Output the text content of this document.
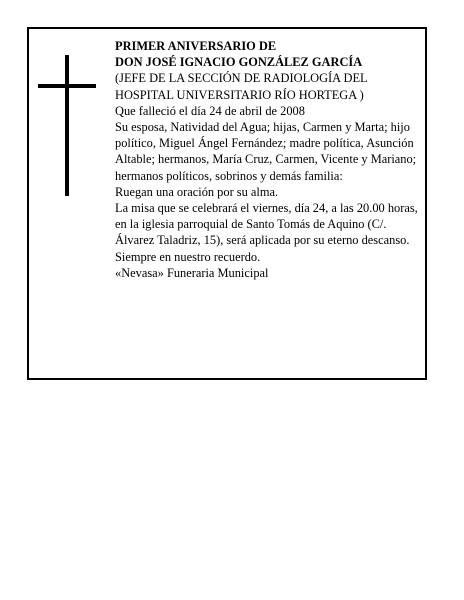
PRIMER ANIVERSARIO DE

DON JOSÉ IGNACIO GONZÁLEZ GARCÍA

(JEFE DE LA SECCIÓN DE RADIOLOGÍA DEL HOSPITAL UNIVERSITARIO RÍO HORTEGA )

Que falleció el día 24 de abril de 2008

Su esposa, Natividad del Agua; hijas, Carmen y Marta; hijo político, Miguel Ángel Fernández; madre política, Asunción Altable; hermanos, María Cruz, Carmen, Vicente y Mariano; hermanos políticos, sobrinos y demás familia:

Ruegan una oración por su alma.

La misa que se celebrará el viernes, día 24, a las 20.00 horas, en la iglesia parroquial de Santo Tomás de Aquino (C/. Álvarez Taladriz, 15), será aplicada por su eterno descanso.

Siempre en nuestro recuerdo.

«Nevasa» Funeraria Municipal
